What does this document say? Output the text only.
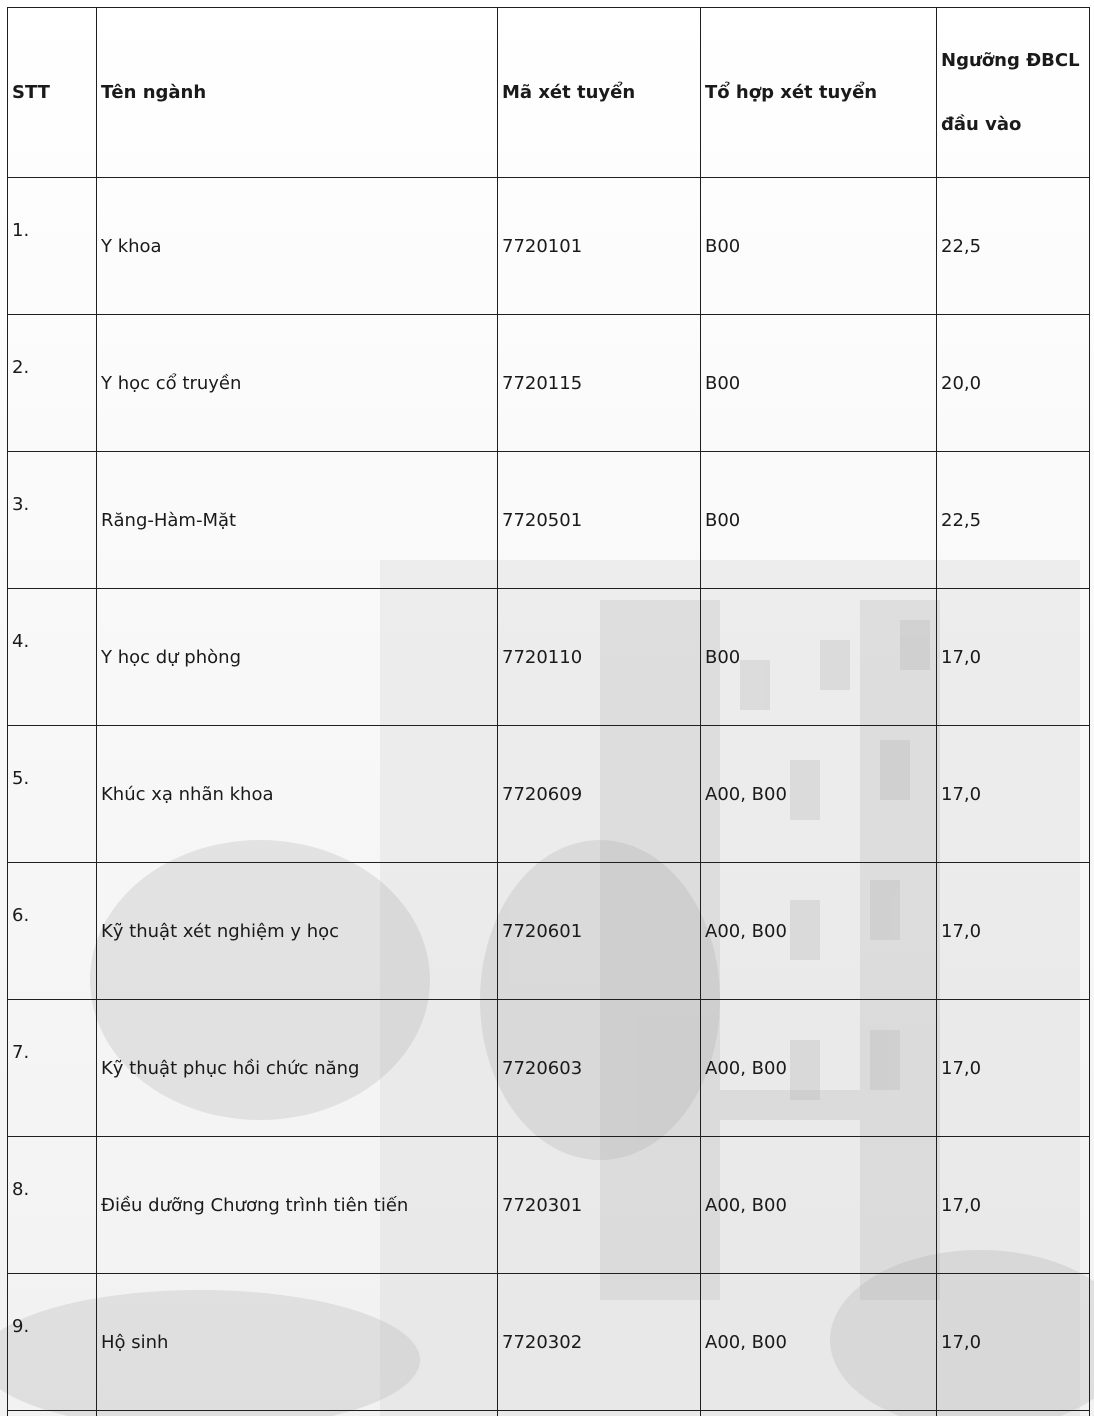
STT	Tên ngành	Mã xét tuyển	Tổ hợp xét tuyển	Ngưỡng ĐBCL
đầu vào

1.	Y khoa	7720101	B00	22,5
2.	Y học cổ truyền	7720115	B00	20,0
3.	Răng-Hàm-Mặt	7720501	B00	22,5
4.	Y học dự phòng	7720110	B00	17,0
5.	Khúc xạ nhãn khoa	7720609	A00, B00	17,0
6.	Kỹ thuật xét nghiệm y học	7720601	A00, B00	17,0
7.	Kỹ thuật phục hồi chức năng	7720603	A00, B00	17,0
8.	Điều dưỡng Chương trình tiên tiến	7720301	A00, B00	17,0
9.	Hộ sinh	7720302	A00, B00	17,0
